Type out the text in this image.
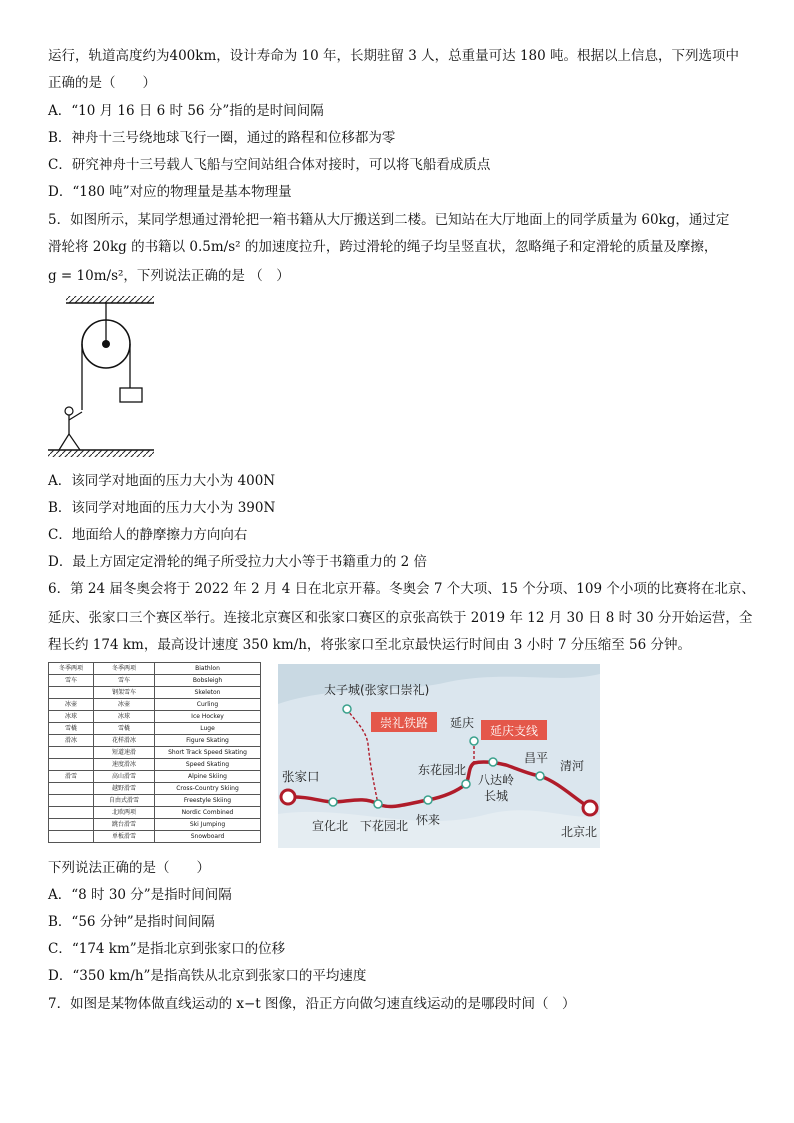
运行，轨道高度约为400km，设计寿命为 10 年，长期驻留 3 人，总重量可达 180 吨。根据以上信息，下列选项中
正确的是（　　）
A．“10 月 16 日 6 时 56 分”指的是时间间隔
B．神舟十三号绕地球飞行一圈，通过的路程和位移都为零
C．研究神舟十三号载人飞船与空间站组合体对接时，可以将飞船看成质点
D．“180 吨”对应的物理量是基本物理量
5．如图所示，某同学想通过滑轮把一箱书籍从大厅搬送到二楼。已知站在大厅地面上的同学质量为 60kg，通过定
滑轮将 20kg 的书籍以 0.5m/s² 的加速度拉升，跨过滑轮的绳子均呈竖直状，忽略绳子和定滑轮的质量及摩擦，
g = 10m/s²，下列说法正确的是 （　）
A．该同学对地面的压力大小为 400N
B．该同学对地面的压力大小为 390N
C．地面给人的静摩擦力方向向右
D．最上方固定定滑轮的绳子所受拉力大小等于书籍重力的 2 倍
6．第 24 届冬奥会将于 2022 年 2 月 4 日在北京开幕。冬奥会 7 个大项、15 个分项、109 个小项的比赛将在北京、
延庆、张家口三个赛区举行。连接北京赛区和张家口赛区的京张高铁于 2019 年 12 月 30 日 8 时 30 分开始运营，全
程长约 174 km，最高设计速度 350 km/h，将张家口至北京最快运行时间由 3 小时 7 分压缩至 56 分钟。
冬季两项	冬季两项	Biathlon
雪车	雪车	Bobsleigh
	钢架雪车	Skeleton
冰壶	冰壶	Curling
冰球	冰球	Ice Hockey
雪橇	雪橇	Luge
滑冰	花样滑冰	Figure Skating
	短道速滑	Short Track Speed Skating
	速度滑冰	Speed Skating
滑雪	高山滑雪	Alpine Skiing
	越野滑雪	Cross-Country Skiing
	自由式滑雪	Freestyle Skiing
	北欧两项	Nordic Combined
	跳台滑雪	Ski Jumping
	单板滑雪	Snowboard
崇礼铁路
延庆支线
太子城(张家口崇礼)
延庆
张家口	东花园北
八达岭
长城
昌平
清河
宣化北 下花园北 怀来
北京北
下列说法正确的是（　　）
A．“8 时 30 分”是指时间间隔
B．“56 分钟”是指时间间隔
C．“174 km”是指北京到张家口的位移
D．“350 km/h”是指高铁从北京到张家口的平均速度
7．如图是某物体做直线运动的 x−t 图像，沿正方向做匀速直线运动的是哪段时间（　）
